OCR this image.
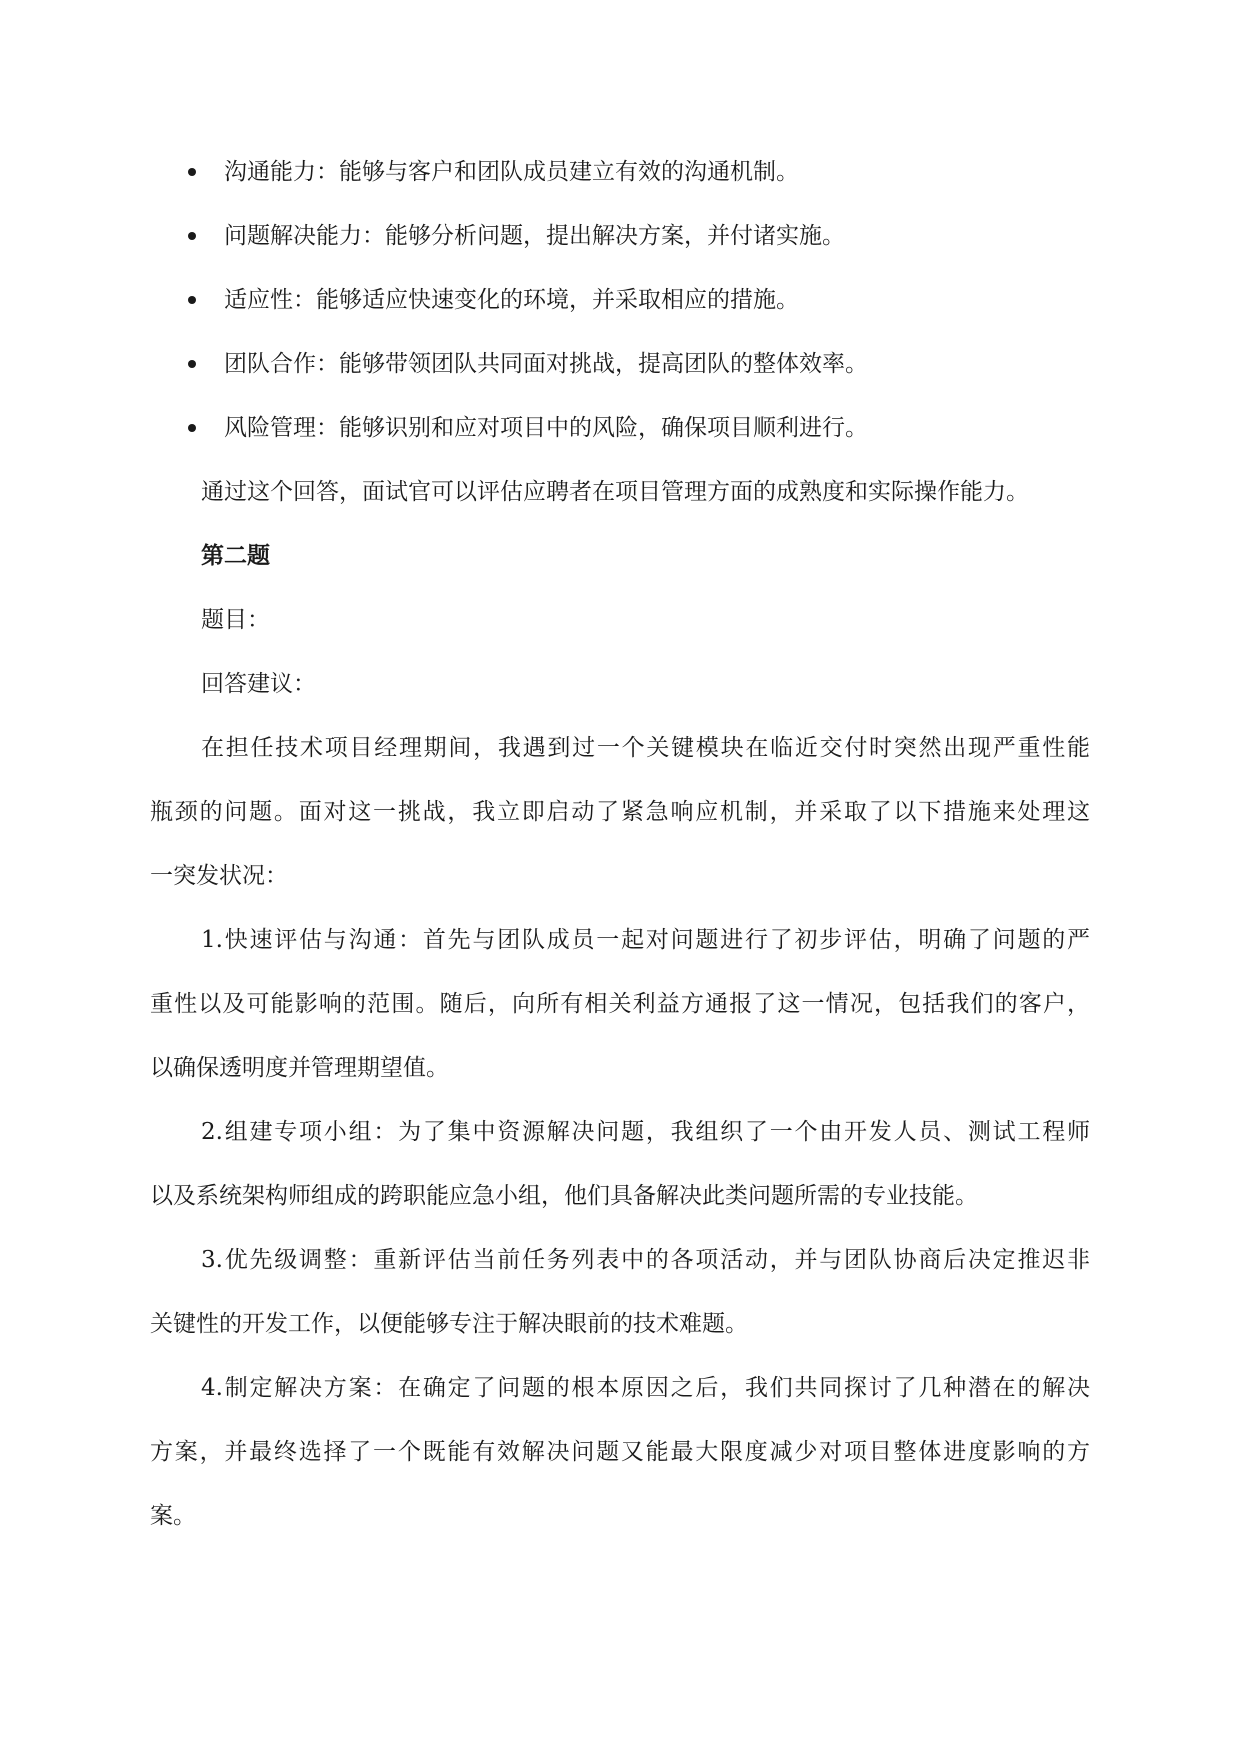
沟通能力：能够与客户和团队成员建立有效的沟通机制。
问题解决能力：能够分析问题，提出解决方案，并付诸实施。
适应性：能够适应快速变化的环境，并采取相应的措施。
团队合作：能够带领团队共同面对挑战，提高团队的整体效率。
风险管理：能够识别和应对项目中的风险，确保项目顺利进行。
通过这个回答，面试官可以评估应聘者在项目管理方面的成熟度和实际操作能力。
第二题
题目：
回答建议：
在担任技术项目经理期间，我遇到过一个关键模块在临近交付时突然出现严重性能
瓶颈的问题。面对这一挑战，我立即启动了紧急响应机制，并采取了以下措施来处理这
一突发状况：
1.快速评估与沟通：首先与团队成员一起对问题进行了初步评估，明确了问题的严
重性以及可能影响的范围。随后，向所有相关利益方通报了这一情况，包括我们的客户，
以确保透明度并管理期望值。
2.组建专项小组：为了集中资源解决问题，我组织了一个由开发人员、测试工程师
以及系统架构师组成的跨职能应急小组，他们具备解决此类问题所需的专业技能。
3.优先级调整：重新评估当前任务列表中的各项活动，并与团队协商后决定推迟非
关键性的开发工作，以便能够专注于解决眼前的技术难题。
4.制定解决方案：在确定了问题的根本原因之后，我们共同探讨了几种潜在的解决
方案，并最终选择了一个既能有效解决问题又能最大限度减少对项目整体进度影响的方
案。
